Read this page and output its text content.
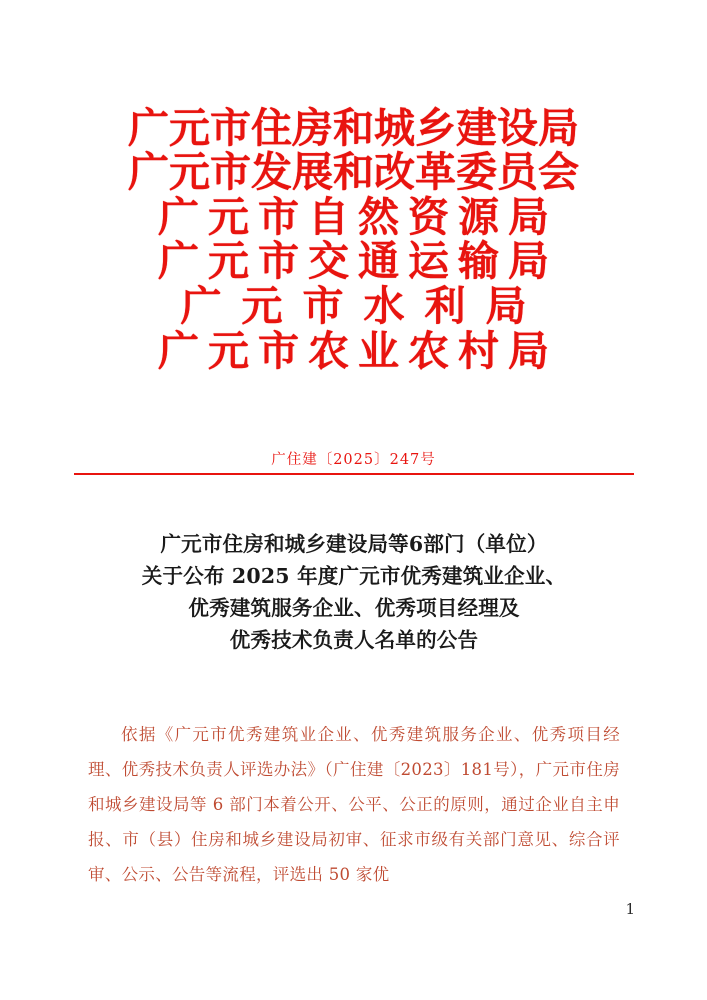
广元市住房和城乡建设局
广元市发展和改革委员会
广元市自然资源局
广元市交通运输局
广元市水利局
广元市农业农村局
广住建〔2025〕247号
广元市住房和城乡建设局等6部门（单位）
关于公布 2025 年度广元市优秀建筑业企业、
优秀建筑服务企业、优秀项目经理及
优秀技术负责人名单的公告

依据《广元市优秀建筑业企业、优秀建筑服务企业、优秀项目经理、优秀技术负责人评选办法》（广住建〔2023〕181号），广元市住房和城乡建设局等 6 部门本着公开、公平、公正的原则，通过企业自主申报、市（县）住房和城乡建设局初审、征求市级有关部门意见、综合评审、公示、公告等流程，评选出 50 家优

1
